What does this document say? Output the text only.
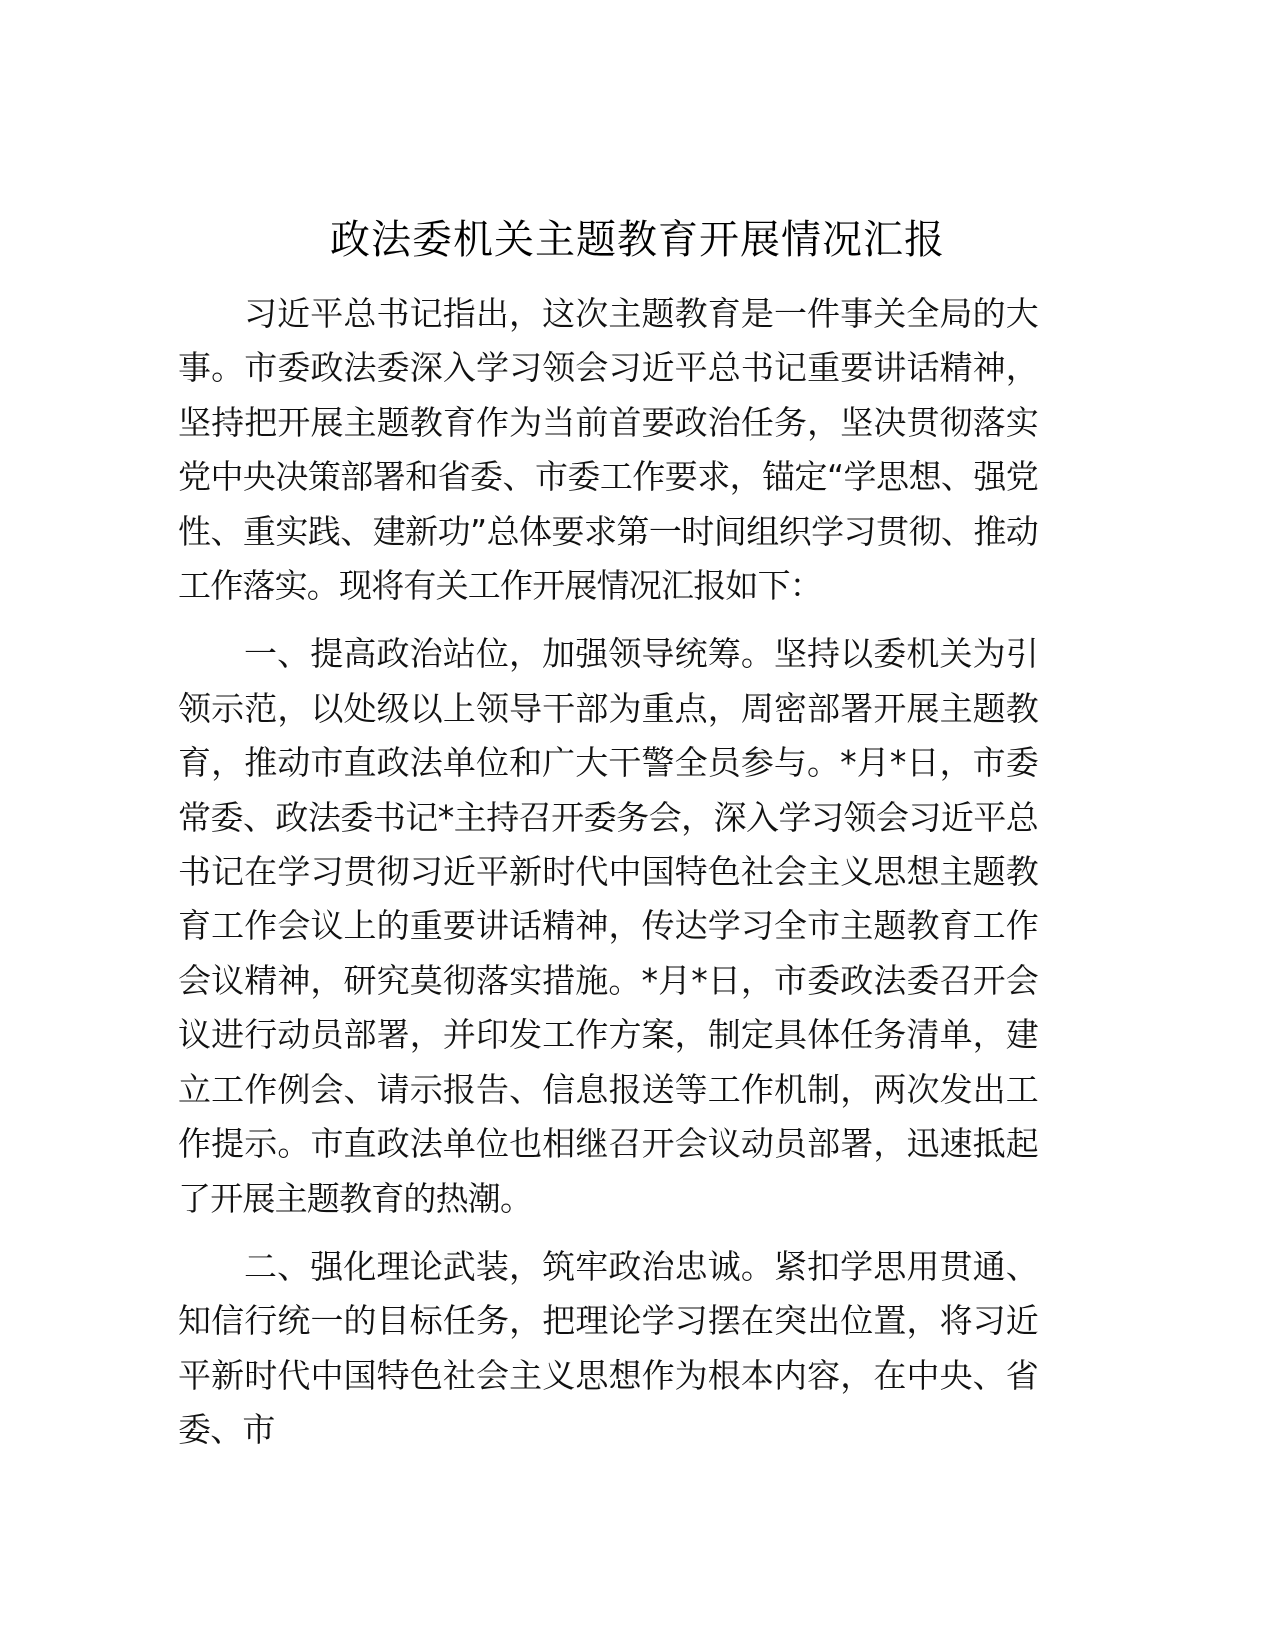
政法委机关主题教育开展情况汇报

习近平总书记指出，这次主题教育是一件事关全局的大事。市委政法委深入学习领会习近平总书记重要讲话精神，坚持把开展主题教育作为当前首要政治任务，坚决贯彻落实党中央决策部署和省委、市委工作要求，锚定“学思想、强党性、重实践、建新功”总体要求第一时间组织学习贯彻、推动工作落实。现将有关工作开展情况汇报如下：

一、提高政治站位，加强领导统筹。坚持以委机关为引领示范，以处级以上领导干部为重点，周密部署开展主题教育，推动市直政法单位和广大干警全员参与。*月*日，市委常委、政法委书记*主持召开委务会，深入学习领会习近平总书记在学习贯彻习近平新时代中国特色社会主义思想主题教育工作会议上的重要讲话精神，传达学习全市主题教育工作会议精神，研究莫彻落实措施。*月*日，市委政法委召开会议进行动员部署，并印发工作方案，制定具体任务清单，建立工作例会、请示报告、信息报送等工作机制，两次发出工作提示。市直政法单位也相继召开会议动员部署，迅速抵起了开展主题教育的热潮。

二、强化理论武装，筑牢政治忠诚。紧扣学思用贯通、知信行统一的目标任务，把理论学习摆在突出位置，将习近平新时代中国特色社会主义思想作为根本内容，在中央、省委、市
